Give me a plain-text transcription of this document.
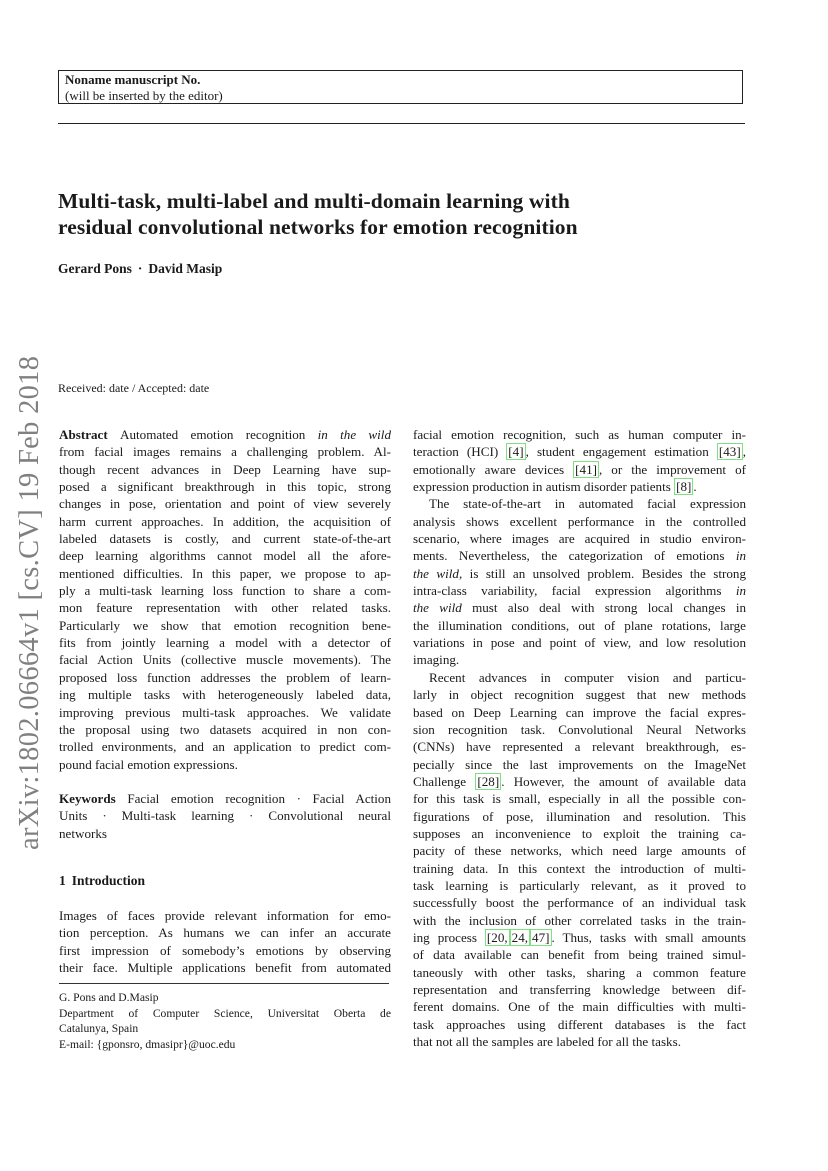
Noname manuscript No.
(will be inserted by the editor)
Multi-task, multi-label and multi-domain learning with
residual convolutional networks for emotion recognition
Gerard Pons · David Masip
Received: date / Accepted: date
arXiv:1802.06664v1 [cs.CV] 19 Feb 2018 Abstract Automated emotion recognition in the wild
from facial images remains a challenging problem. Al-
though recent advances in Deep Learning have sup-
posed a significant breakthrough in this topic, strong
changes in pose, orientation and point of view severely
harm current approaches. In addition, the acquisition of
labeled datasets is costly, and current state-of-the-art
deep learning algorithms cannot model all the afore-
mentioned difficulties. In this paper, we propose to ap-
ply a multi-task learning loss function to share a com-
mon feature representation with other related tasks.
Particularly we show that emotion recognition bene-
fits from jointly learning a model with a detector of
facial Action Units (collective muscle movements). The
proposed loss function addresses the problem of learn-
ing multiple tasks with heterogeneously labeled data,
improving previous multi-task approaches. We validate
the proposal using two datasets acquired in non con-
trolled environments, and an application to predict com-
pound facial emotion expressions.
Keywords Facial emotion recognition · Facial Action
Units · Multi-task learning · Convolutional neural
networks
1 Introduction
Images of faces provide relevant information for emo-
tion perception. As humans we can infer an accurate
first impression of somebody’s emotions by observing
their face. Multiple applications benefit from automated
G. Pons and D.Masip
Department of Computer Science, Universitat Oberta de
Catalunya, Spain
E-mail: {gponsro, dmasipr}@uoc.edu
facial emotion recognition, such as human computer in-
teraction (HCI) [4] , student engagement estimation [43] ,
emotionally aware devices [41] , or the improvement of
expression production in autism disorder patients [8] .
The state-of-the-art in automated facial expression
analysis shows excellent performance in the controlled
scenario, where images are acquired in studio environ-
ments. Nevertheless, the categorization of emotions in
the wild, is still an unsolved problem. Besides the strong
intra-class variability, facial expression algorithms in
the wild must also deal with strong local changes in
the illumination conditions, out of plane rotations, large
variations in pose and point of view, and low resolution
imaging.
Recent advances in computer vision and particu-
larly in object recognition suggest that new methods
based on Deep Learning can improve the facial expres-
sion recognition task. Convolutional Neural Networks
(CNNs) have represented a relevant breakthrough, es-
pecially since the last improvements on the ImageNet
Challenge [28] . However, the amount of available data
for this task is small, especially in all the possible con-
figurations of pose, illumination and resolution. This
supposes an inconvenience to exploit the training ca-
pacity of these networks, which need large amounts of
training data. In this context the introduction of multi-
task learning is particularly relevant, as it proved to
successfully boost the performance of an individual task
with the inclusion of other correlated tasks in the train-
ing process [20, 24, 47] . Thus, tasks with small amounts
of data available can benefit from being trained simul-
taneously with other tasks, sharing a common feature
representation and transferring knowledge between dif-
ferent domains. One of the main difficulties with multi-
task approaches using different databases is the fact
that not all the samples are labeled for all the tasks.
